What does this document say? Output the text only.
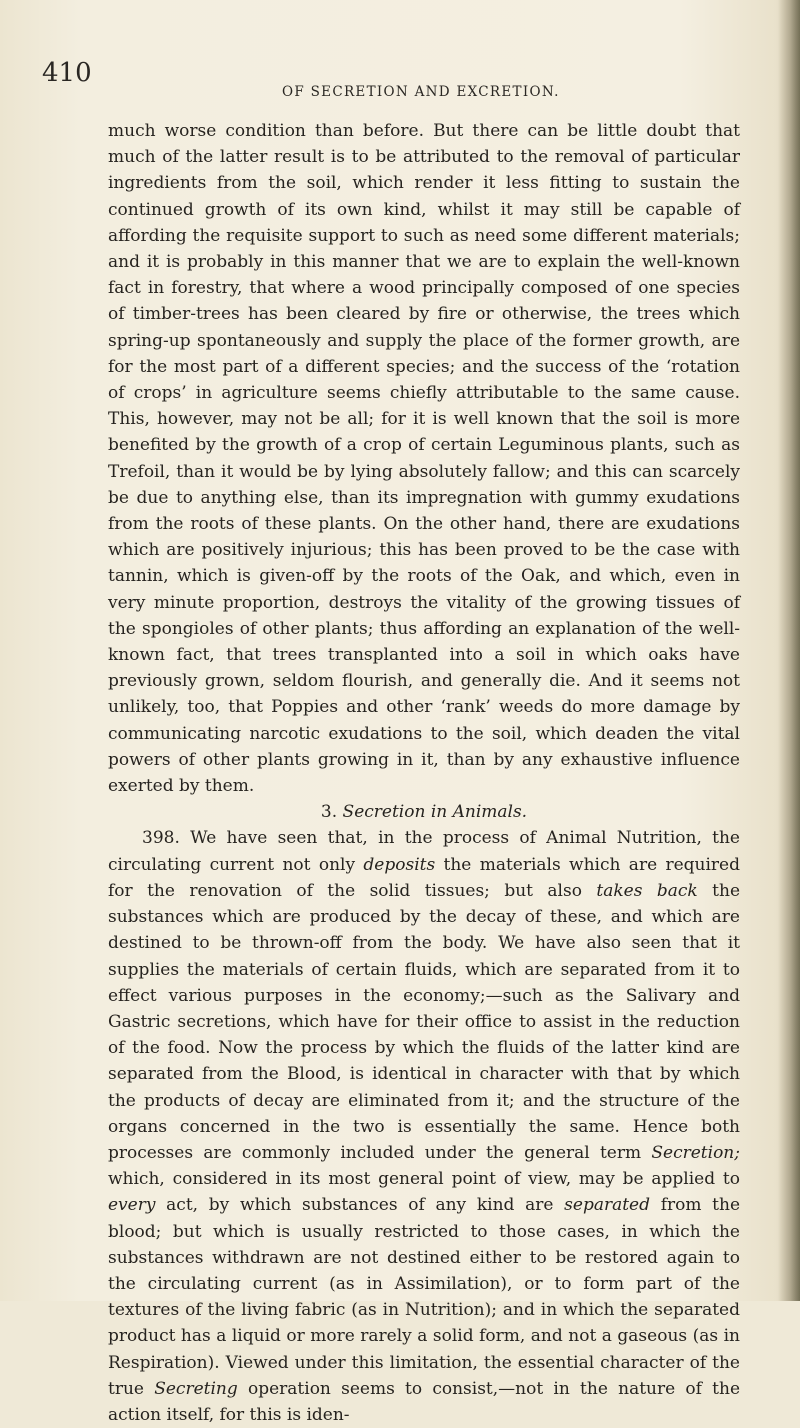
410
OF SECRETION AND EXCRETION.

much worse condition than before. But there can be little doubt that much of the latter result is to be attributed to the removal of particular ingredients from the soil, which render it less fitting to sustain the continued growth of its own kind, whilst it may still be capable of affording the requisite support to such as need some different materials; and it is probably in this manner that we are to explain the well-known fact in forestry, that where a wood principally composed of one species of timber-trees has been cleared by fire or otherwise, the trees which spring-up spontaneously and supply the place of the former growth, are for the most part of a different species; and the success of the ‘rotation of crops’ in agriculture seems chiefly attributable to the same cause. This, however, may not be all; for it is well known that the soil is more benefited by the growth of a crop of certain Leguminous plants, such as Trefoil, than it would be by lying absolutely fallow; and this can scarcely be due to anything else, than its impregnation with gummy exudations from the roots of these plants. On the other hand, there are exudations which are positively injurious; this has been proved to be the case with tannin, which is given-off by the roots of the Oak, and which, even in very minute proportion, destroys the vitality of the growing tissues of the spongioles of other plants; thus affording an explanation of the well-known fact, that trees transplanted into a soil in which oaks have previously grown, seldom flourish, and generally die. And it seems not unlikely, too, that Poppies and other ‘rank’ weeds do more damage by communicating narcotic exudations to the soil, which deaden the vital powers of other plants growing in it, than by any exhaustive influence exerted by them.

3. Secretion in Animals.

398. We have seen that, in the process of Animal Nutrition, the circulating current not only deposits the materials which are required for the renovation of the solid tissues; but also takes back the substances which are produced by the decay of these, and which are destined to be thrown-off from the body. We have also seen that it supplies the materials of certain fluids, which are separated from it to effect various purposes in the economy;—such as the Salivary and Gastric secretions, which have for their office to assist in the reduction of the food. Now the process by which the fluids of the latter kind are separated from the Blood, is identical in character with that by which the products of decay are eliminated from it; and the structure of the organs concerned in the two is essentially the same. Hence both processes are commonly included under the general term Secretion; which, considered in its most general point of view, may be applied to every act, by which substances of any kind are separated from the blood; but which is usually restricted to those cases, in which the substances withdrawn are not destined either to be restored again to the circulating current (as in Assimilation), or to form part of the textures of the living fabric (as in Nutrition); and in which the separated product has a liquid or more rarely a solid form, and not a gaseous (as in Respiration). Viewed under this limitation, the essential character of the true Secreting operation seems to consist,—not in the nature of the action itself, for this is iden-
